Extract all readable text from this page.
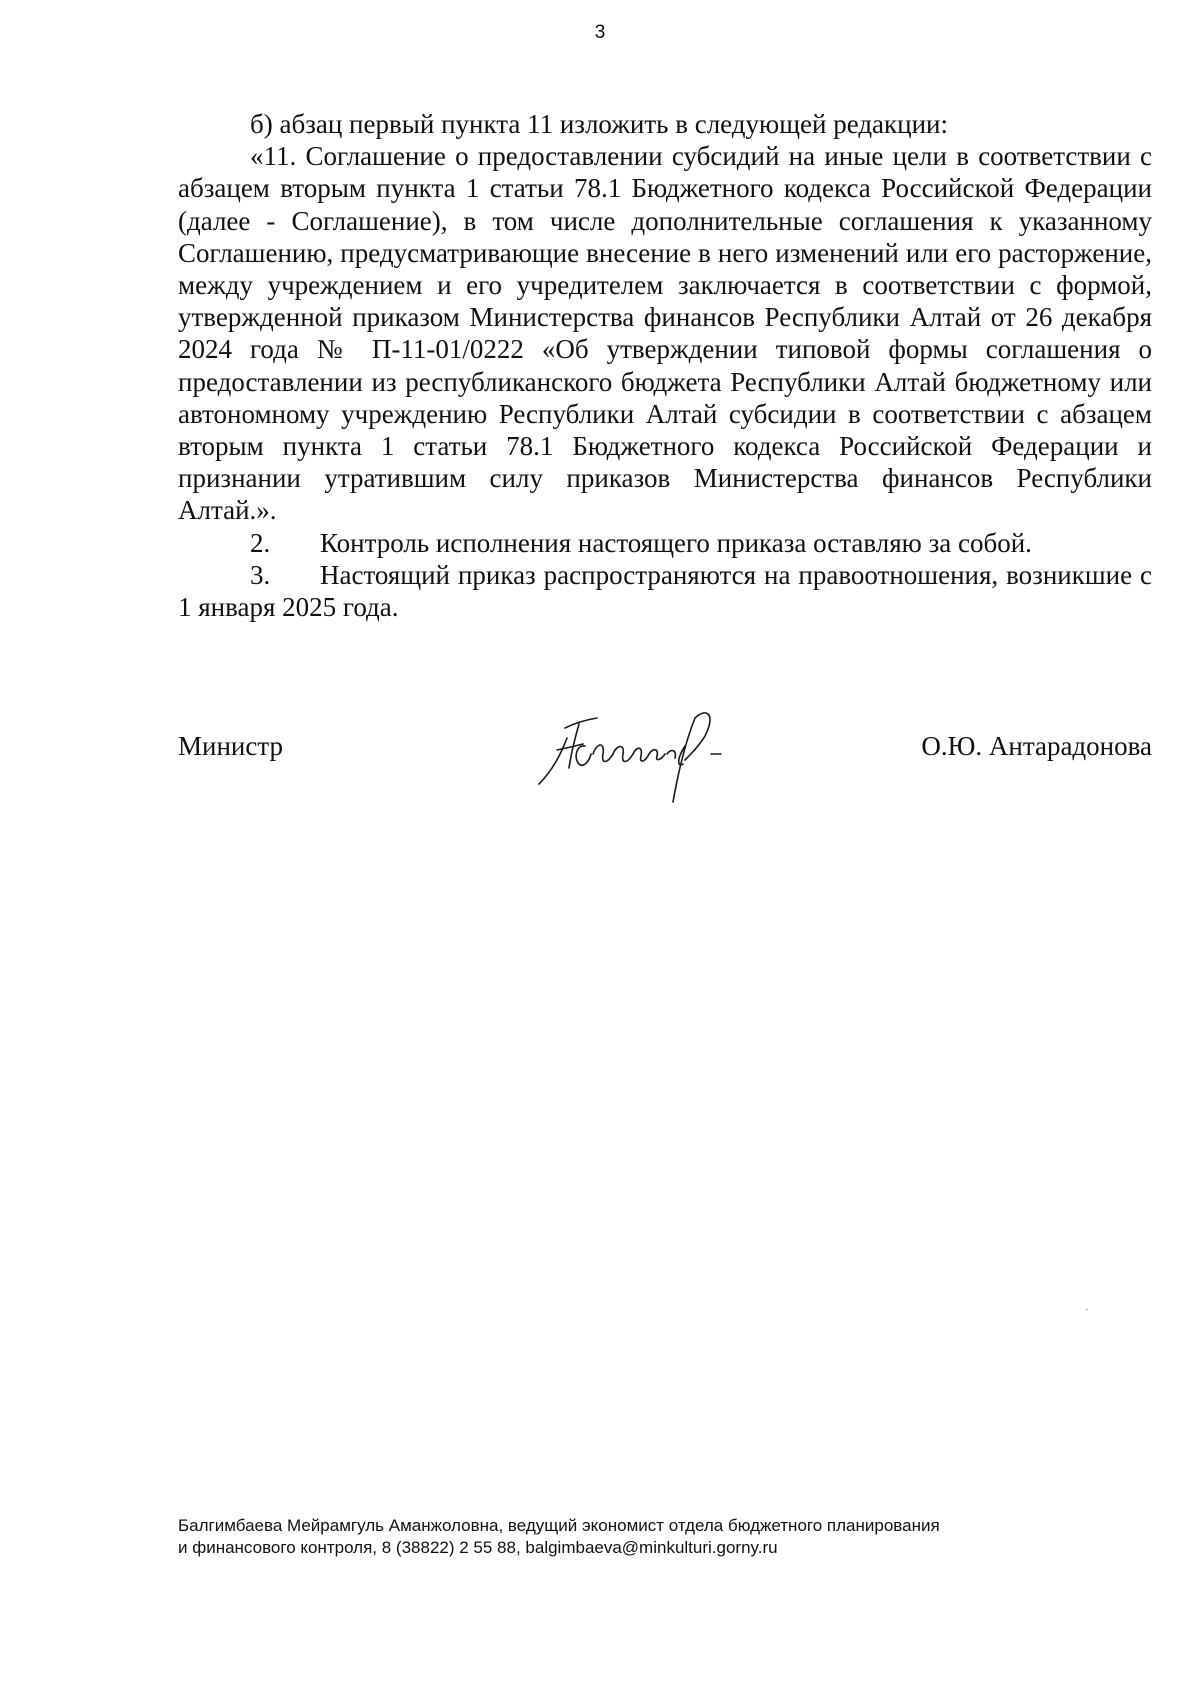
3

б) абзац первый пункта 11 изложить в следующей редакции:

«11. Соглашение о предоставлении субсидий на иные цели в соответствии с абзацем вторым пункта 1 статьи 78.1 Бюджетного кодекса Российской Федерации (далее - Соглашение), в том числе дополнительные соглашения к указанному Соглашению, предусматривающие внесение в него изменений или его расторжение, между учреждением и его учредителем заключается в соответствии с формой, утвержденной приказом Министерства финансов Республики Алтай от 26 декабря 2024 года № П-11-01/0222 «Об утверждении типовой формы соглашения о предоставлении из республиканского бюджета Республики Алтай бюджетному или автономному учреждению Республики Алтай субсидии в соответствии с абзацем вторым пункта 1 статьи 78.1 Бюджетного кодекса Российской Федерации и признании утратившим силу приказов Министерства финансов Республики Алтай.».

2. Контроль исполнения настоящего приказа оставляю за собой.

3. Настоящий приказ распространяются на правоотношения, возникшие с 1 января 2025 года.

Министр	О.Ю. Антарадонова

Балгимбаева Мейрамгуль Аманжоловна, ведущий экономист отдела бюджетного планирования

и финансового контроля, 8 (38822) 2 55 88, balgimbaeva@minkulturi.gorny.ru
